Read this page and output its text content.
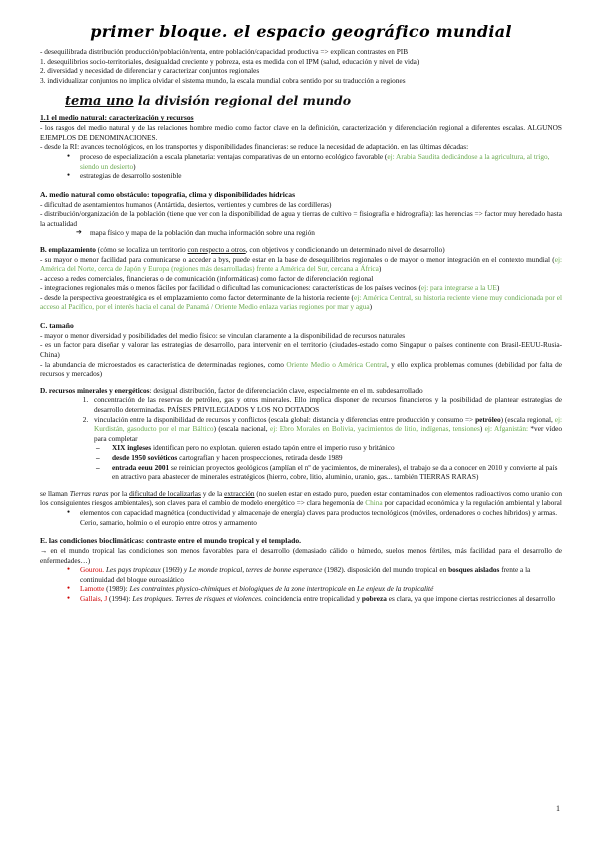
primer bloque. el espacio geográfico mundial

- desequilibrada distribución producción/población/renta, entre población/capacidad productiva => explican contrastes en PIB

1. desequilibrios socio-territoriales, desigualdad creciente y pobreza, esta es medida con el IPM (salud, educación y nivel de vida)

2. diversidad y necesidad de diferenciar y caracterizar conjuntos regionales

3. individualizar conjuntos no implica olvidar el sistema mundo, la escala mundial cobra sentido por su traducción a regiones

tema uno la división regional del mundo

1.1 el medio natural: caracterización y recursos

- los rasgos del medio natural y de las relaciones hombre medio como factor clave en la definición, caracterización y diferenciación regional a diferentes escalas. ALGUNOS EJEMPLOS DE DENOMINACIONES.

- desde la RI: avances tecnológicos, en los transportes y disponibilidades financieras: se reduce la necesidad de adaptación. en las últimas décadas:

● proceso de especialización a escala planetaria: ventajas comparativas de un entorno ecológico favorable (ej: Arabia Saudita dedicándose a la agricultura, al trigo, siendo un desierto)
● estrategias de desarrollo sostenible

A. medio natural como obstáculo: topografía, clima y disponibilidades hídricas

- dificultad de asentamientos humanos (Antártida, desiertos, vertientes y cumbres de las cordilleras)

- distribución/organización de la población (tiene que ver con la disponibilidad de agua y tierras de cultivo = fisiografía e hidrografía): las herencias => factor muy heredado hasta la actualidad

➔ mapa físico y mapa de la población dan mucha información sobre una región

B. emplazamiento (cómo se localiza un territorio con respecto a otros, con objetivos y condicionando un determinado nivel de desarrollo)

- su mayor o menor facilidad para comunicarse o acceder a bys, puede estar en la base de desequilibrios regionales o de mayor o menor integración en el contexto mundial (ej: América del Norte, cerca de Japón y Europa (regiones más desarrolladas) frente a América del Sur, cercana a África)

- acceso a redes comerciales, financieras o de comunicación (informáticas) como factor de diferenciación regional

- integraciones regionales más o menos fáciles por facilidad o dificultad las comunicaciones: características de los países vecinos (ej: para integrarse a la UE)

- desde la perspectiva geoestratégica es el emplazamiento como factor determinante de la historia reciente (ej: América Central, su historia reciente viene muy condicionada por el acceso al Pacífico, por el interés hacia el canal de Panamá / Oriente Medio enlaza varias regiones por mar y agua)

C. tamaño

- mayor o menor diversidad y posibilidades del medio físico: se vinculan claramente a la disponibilidad de recursos naturales

- es un factor para diseñar y valorar las estrategias de desarrollo, para intervenir en el territorio (ciudades-estado como Singapur o países continente con Brasil-EEUU-Rusia-China)

- la abundancia de microestados es característica de determinadas regiones, como Oriente Medio o América Central, y ello explica problemas comunes (debilidad por falta de recursos y mercados)

D. recursos minerales y energéticos: desigual distribución, factor de diferenciación clave, especialmente en el m. subdesarrollado

1. concentración de las reservas de petróleo, gas y otros minerales. Ello implica disponer de recursos financieros y la posibilidad de plantear estrategias de desarrollo determinadas. PAÍSES PRIVILEGIADOS Y LOS NO DOTADOS
2. vinculación entre la disponibilidad de recursos y conflictos (escala global: distancia y diferencias entre producción y consumo => petróleo) (escala regional, ej: Kurdistán, gasoducto por el mar Báltico) (escala nacional, ej: Ebro Morales en Bolivia, yacimientos de litio, indígenas, tensiones) ej: Afganistán: *ver vídeo para completar
– XIX ingleses identifican pero no explotan. quieren estado tapón entre el imperio ruso y británico
– desde 1950 soviéticos cartografían y hacen prospecciones, retirada desde 1989
– entrada eeuu 2001 se reinician proyectos geológicos (amplían el nº de yacimientos, de minerales), el trabajo se da a conocer en 2010 y convierte al país en atractivo para abastecer de minerales estratégicos (hierro, cobre, litio, aluminio, uranio, gas... también TIERRAS RARAS)

se llaman Tierras raras por la dificultad de localizarlas y de la extracción (no suelen estar en estado puro, pueden estar contaminados con elementos radioactivos como uranio con los consiguientes riesgos ambientales), son claves para el cambio de modelo energético => clara hegemonía de China por capacidad económica y la regulación ambiental y laboral

● elementos con capacidad magnética (conductividad y almacenaje de energía) claves para productos tecnológicos (móviles, ordenadores o coches híbridos) y armas. Cerio, samario, holmio o el europio entre otros y armamento

E. las condiciones bioclimáticas: contraste entre el mundo tropical y el templado.

→ en el mundo tropical las condiciones son menos favorables para el desarrollo (demasiado cálido o húmedo, suelos menos fértiles, más facilidad para el desarrollo de enfermedades…)

● Gourou. Les pays tropicaux (1969) y Le monde tropical, terres de bonne esperance (1982). disposición del mundo tropical en bosques aislados frente a la continuidad del bloque euroasiático
● Lamotte (1989): Les contraintes physico-chimiques et biologiques de la zone intertropicale en Le enjeux de la tropicalité
● Gallais, J (1994): Les tropiques. Terres de risques et violences. coincidencia entre tropicalidad y pobreza es clara, ya que impone ciertas restricciones al desarrollo
1
